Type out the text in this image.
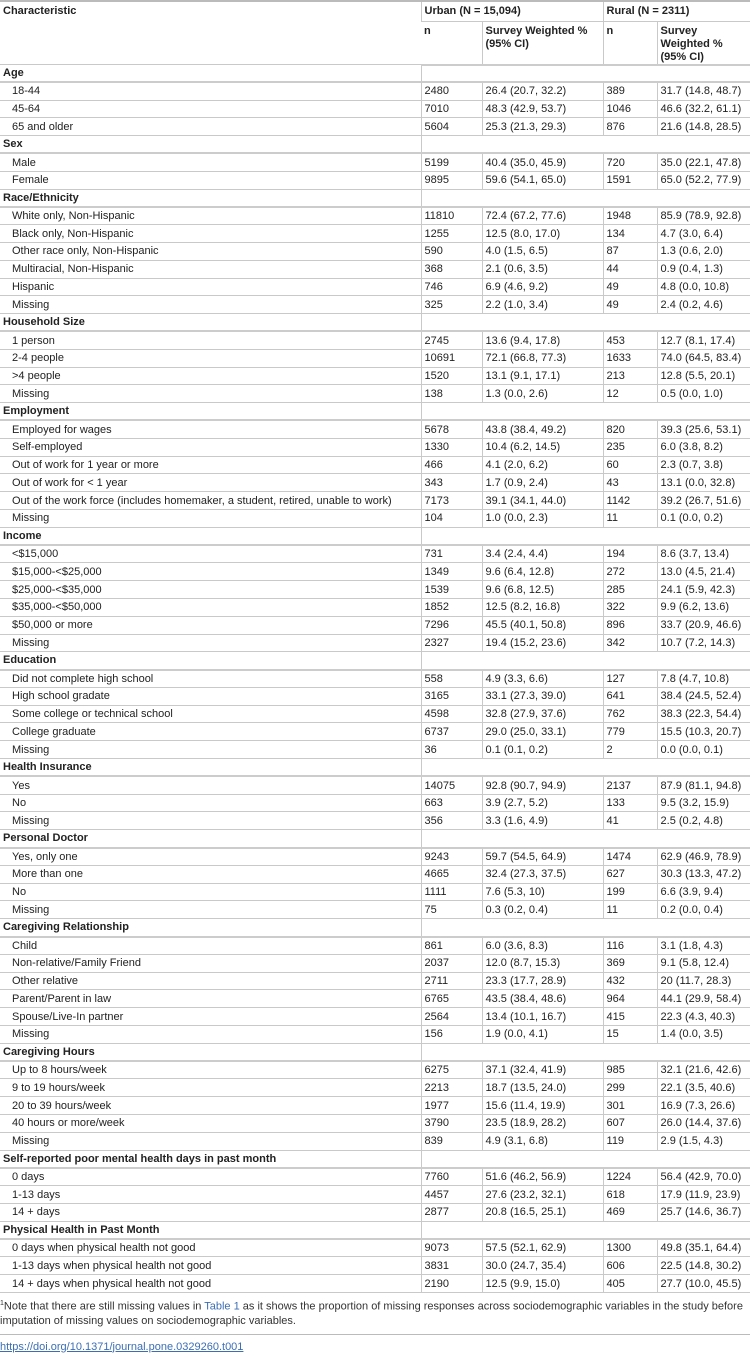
Characteristic	Urban (N = 15,094)		Rural (N = 2311)	
	n	Survey Weighted % (95% CI)	n	Survey Weighted % (95% CI)
Age				
18-44	2480	26.4 (20.7, 32.2)	389	31.7 (14.8, 48.7)
45-64	7010	48.3 (42.9, 53.7)	1046	46.6 (32.2, 61.1)
65 and older	5604	25.3 (21.3, 29.3)	876	21.6 (14.8, 28.5)
Sex				
Male	5199	40.4 (35.0, 45.9)	720	35.0 (22.1, 47.8)
Female	9895	59.6 (54.1, 65.0)	1591	65.0 (52.2, 77.9)
Race/Ethnicity				
White only, Non-Hispanic	11810	72.4 (67.2, 77.6)	1948	85.9 (78.9, 92.8)
Black only, Non-Hispanic	1255	12.5 (8.0, 17.0)	134	4.7 (3.0, 6.4)
Other race only, Non-Hispanic	590	4.0 (1.5, 6.5)	87	1.3 (0.6, 2.0)
Multiracial, Non-Hispanic	368	2.1 (0.6, 3.5)	44	0.9 (0.4, 1.3)
Hispanic	746	6.9 (4.6, 9.2)	49	4.8 (0.0, 10.8)
Missing	325	2.2 (1.0, 3.4)	49	2.4 (0.2, 4.6)
Household Size				
1 person	2745	13.6 (9.4, 17.8)	453	12.7 (8.1, 17.4)
2-4 people	10691	72.1 (66.8, 77.3)	1633	74.0 (64.5, 83.4)
>4 people	1520	13.1 (9.1, 17.1)	213	12.8 (5.5, 20.1)
Missing	138	1.3 (0.0, 2.6)	12	0.5 (0.0, 1.0)
Employment				
Employed for wages	5678	43.8 (38.4, 49.2)	820	39.3 (25.6, 53.1)
Self-employed	1330	10.4 (6.2, 14.5)	235	6.0 (3.8, 8.2)
Out of work for 1 year or more	466	4.1 (2.0, 6.2)	60	2.3 (0.7, 3.8)
Out of work for < 1 year	343	1.7 (0.9, 2.4)	43	13.1 (0.0, 32.8)
Out of the work force (includes homemaker, a student, retired, unable to work)	7173	39.1 (34.1, 44.0)	1142	39.2 (26.7, 51.6)
Missing	104	1.0 (0.0, 2.3)	11	0.1 (0.0, 0.2)
Income				
<$15,000	731	3.4 (2.4, 4.4)	194	8.6 (3.7, 13.4)
$15,000-<$25,000	1349	9.6 (6.4, 12.8)	272	13.0 (4.5, 21.4)
$25,000-<$35,000	1539	9.6 (6.8, 12.5)	285	24.1 (5.9, 42.3)
$35,000-<$50,000	1852	12.5 (8.2, 16.8)	322	9.9 (6.2, 13.6)
$50,000 or more	7296	45.5 (40.1, 50.8)	896	33.7 (20.9, 46.6)
Missing	2327	19.4 (15.2, 23.6)	342	10.7 (7.2, 14.3)
Education				
Did not complete high school	558	4.9 (3.3, 6.6)	127	7.8 (4.7, 10.8)
High school gradate	3165	33.1 (27.3, 39.0)	641	38.4 (24.5, 52.4)
Some college or technical school	4598	32.8 (27.9, 37.6)	762	38.3 (22.3, 54.4)
College graduate	6737	29.0 (25.0, 33.1)	779	15.5 (10.3, 20.7)
Missing	36	0.1 (0.1, 0.2)	2	0.0 (0.0, 0.1)
Health Insurance				
Yes	14075	92.8 (90.7, 94.9)	2137	87.9 (81.1, 94.8)
No	663	3.9 (2.7, 5.2)	133	9.5 (3.2, 15.9)
Missing	356	3.3 (1.6, 4.9)	41	2.5 (0.2, 4.8)
Personal Doctor				
Yes, only one	9243	59.7 (54.5, 64.9)	1474	62.9 (46.9, 78.9)
More than one	4665	32.4 (27.3, 37.5)	627	30.3 (13.3, 47.2)
No	1111	7.6 (5.3, 10)	199	6.6 (3.9, 9.4)
Missing	75	0.3 (0.2, 0.4)	11	0.2 (0.0, 0.4)
Caregiving Relationship				
Child	861	6.0 (3.6, 8.3)	116	3.1 (1.8, 4.3)
Non-relative/Family Friend	2037	12.0 (8.7, 15.3)	369	9.1 (5.8, 12.4)
Other relative	2711	23.3 (17.7, 28.9)	432	20 (11.7, 28.3)
Parent/Parent in law	6765	43.5 (38.4, 48.6)	964	44.1 (29.9, 58.4)
Spouse/Live-In partner	2564	13.4 (10.1, 16.7)	415	22.3 (4.3, 40.3)
Missing	156	1.9 (0.0, 4.1)	15	1.4 (0.0, 3.5)
Caregiving Hours				
Up to 8 hours/week	6275	37.1 (32.4, 41.9)	985	32.1 (21.6, 42.6)
9 to 19 hours/week	2213	18.7 (13.5, 24.0)	299	22.1 (3.5, 40.6)
20 to 39 hours/week	1977	15.6 (11.4, 19.9)	301	16.9 (7.3, 26.6)
40 hours or more/week	3790	23.5 (18.9, 28.2)	607	26.0 (14.4, 37.6)
Missing	839	4.9 (3.1, 6.8)	119	2.9 (1.5, 4.3)
Self-reported poor mental health days in past month				
0 days	7760	51.6 (46.2, 56.9)	1224	56.4 (42.9, 70.0)
1-13 days	4457	27.6 (23.2, 32.1)	618	17.9 (11.9, 23.9)
14 + days	2877	20.8 (16.5, 25.1)	469	25.7 (14.6, 36.7)
Physical Health in Past Month				
0 days when physical health not good	9073	57.5 (52.1, 62.9)	1300	49.8 (35.1, 64.4)
1-13 days when physical health not good	3831	30.0 (24.7, 35.4)	606	22.5 (14.8, 30.2)
14 + days when physical health not good	2190	12.5 (9.9, 15.0)	405	27.7 (10.0, 45.5)
$^1$Note that there are still missing values in Table 1 as it shows the proportion of missing responses across sociodemographic variables in the study before imputation of missing values on sociodemographic variables.
https://doi.org/10.1371/journal.pone.0329260.t001
